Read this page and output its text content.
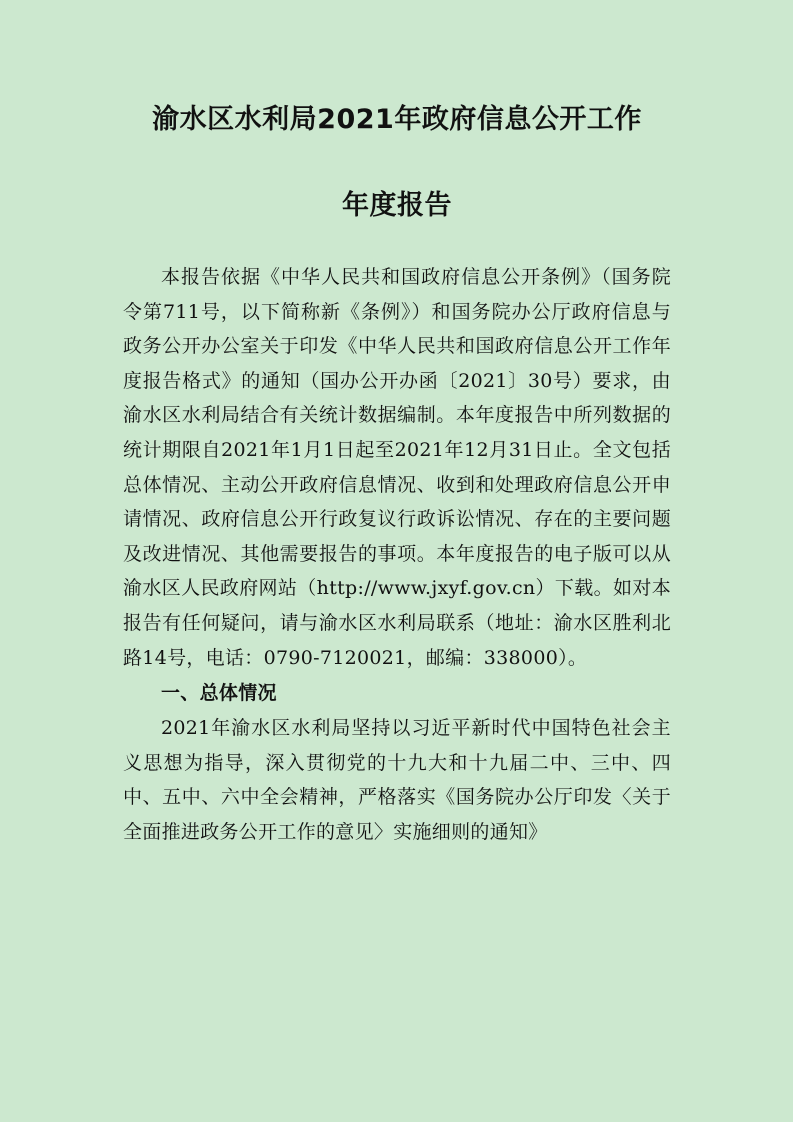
渝水区水利局2021年政府信息公开工作
年度报告

本报告依据《中华人民共和国政府信息公开条例》（国务院令第711号，以下简称新《条例》）和国务院办公厅政府信息与政务公开办公室关于印发《中华人民共和国政府信息公开工作年度报告格式》的通知（国办公开办函〔2021〕30号）要求，由渝水区水利局结合有关统计数据编制。本年度报告中所列数据的统计期限自2021年1月1日起至2021年12月31日止。全文包括总体情况、主动公开政府信息情况、收到和处理政府信息公开申请情况、政府信息公开行政复议行政诉讼情况、存在的主要问题及改进情况、其他需要报告的事项。本年度报告的电子版可以从渝水区人民政府网站（http://www.jxyf.gov.cn）下载。如对本报告有任何疑问，请与渝水区水利局联系（地址：渝水区胜利北路14号，电话：0790-7120021，邮编：338000）。

一、总体情况

2021年渝水区水利局坚持以习近平新时代中国特色社会主义思想为指导，深入贯彻党的十九大和十九届二中、三中、四中、五中、六中全会精神，严格落实《国务院办公厅印发〈关于全面推进政务公开工作的意见〉实施细则的通知》
